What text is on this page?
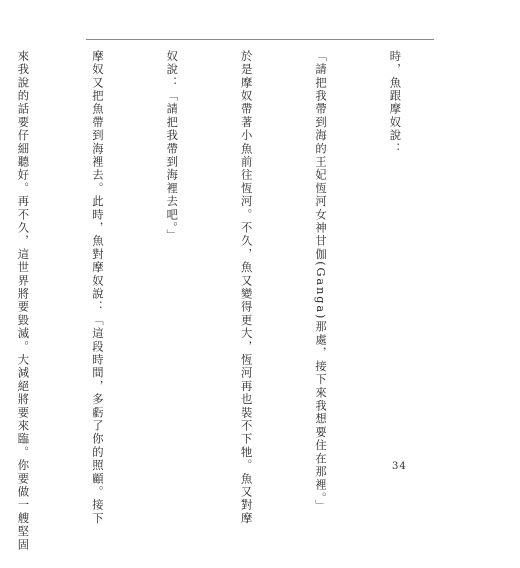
時，魚跟摩奴說：

「請把我帶到海的王妃恆河女神甘伽(Ganga)那處，接下來我想要住在那裡。」

於是摩奴帶著小魚前往恆河。不久，魚又變得更大，恆河再也裝不下牠。魚又對摩

奴說：「請把我帶到海裡去吧。」

摩奴又把魚帶到海裡去。此時，魚對摩奴說：「這段時間，多虧了你的照顧。接下

來我說的話要仔細聽好。再不久，這世界將要毀滅。大減絕將要來臨。你要做一艘堅固

	34
